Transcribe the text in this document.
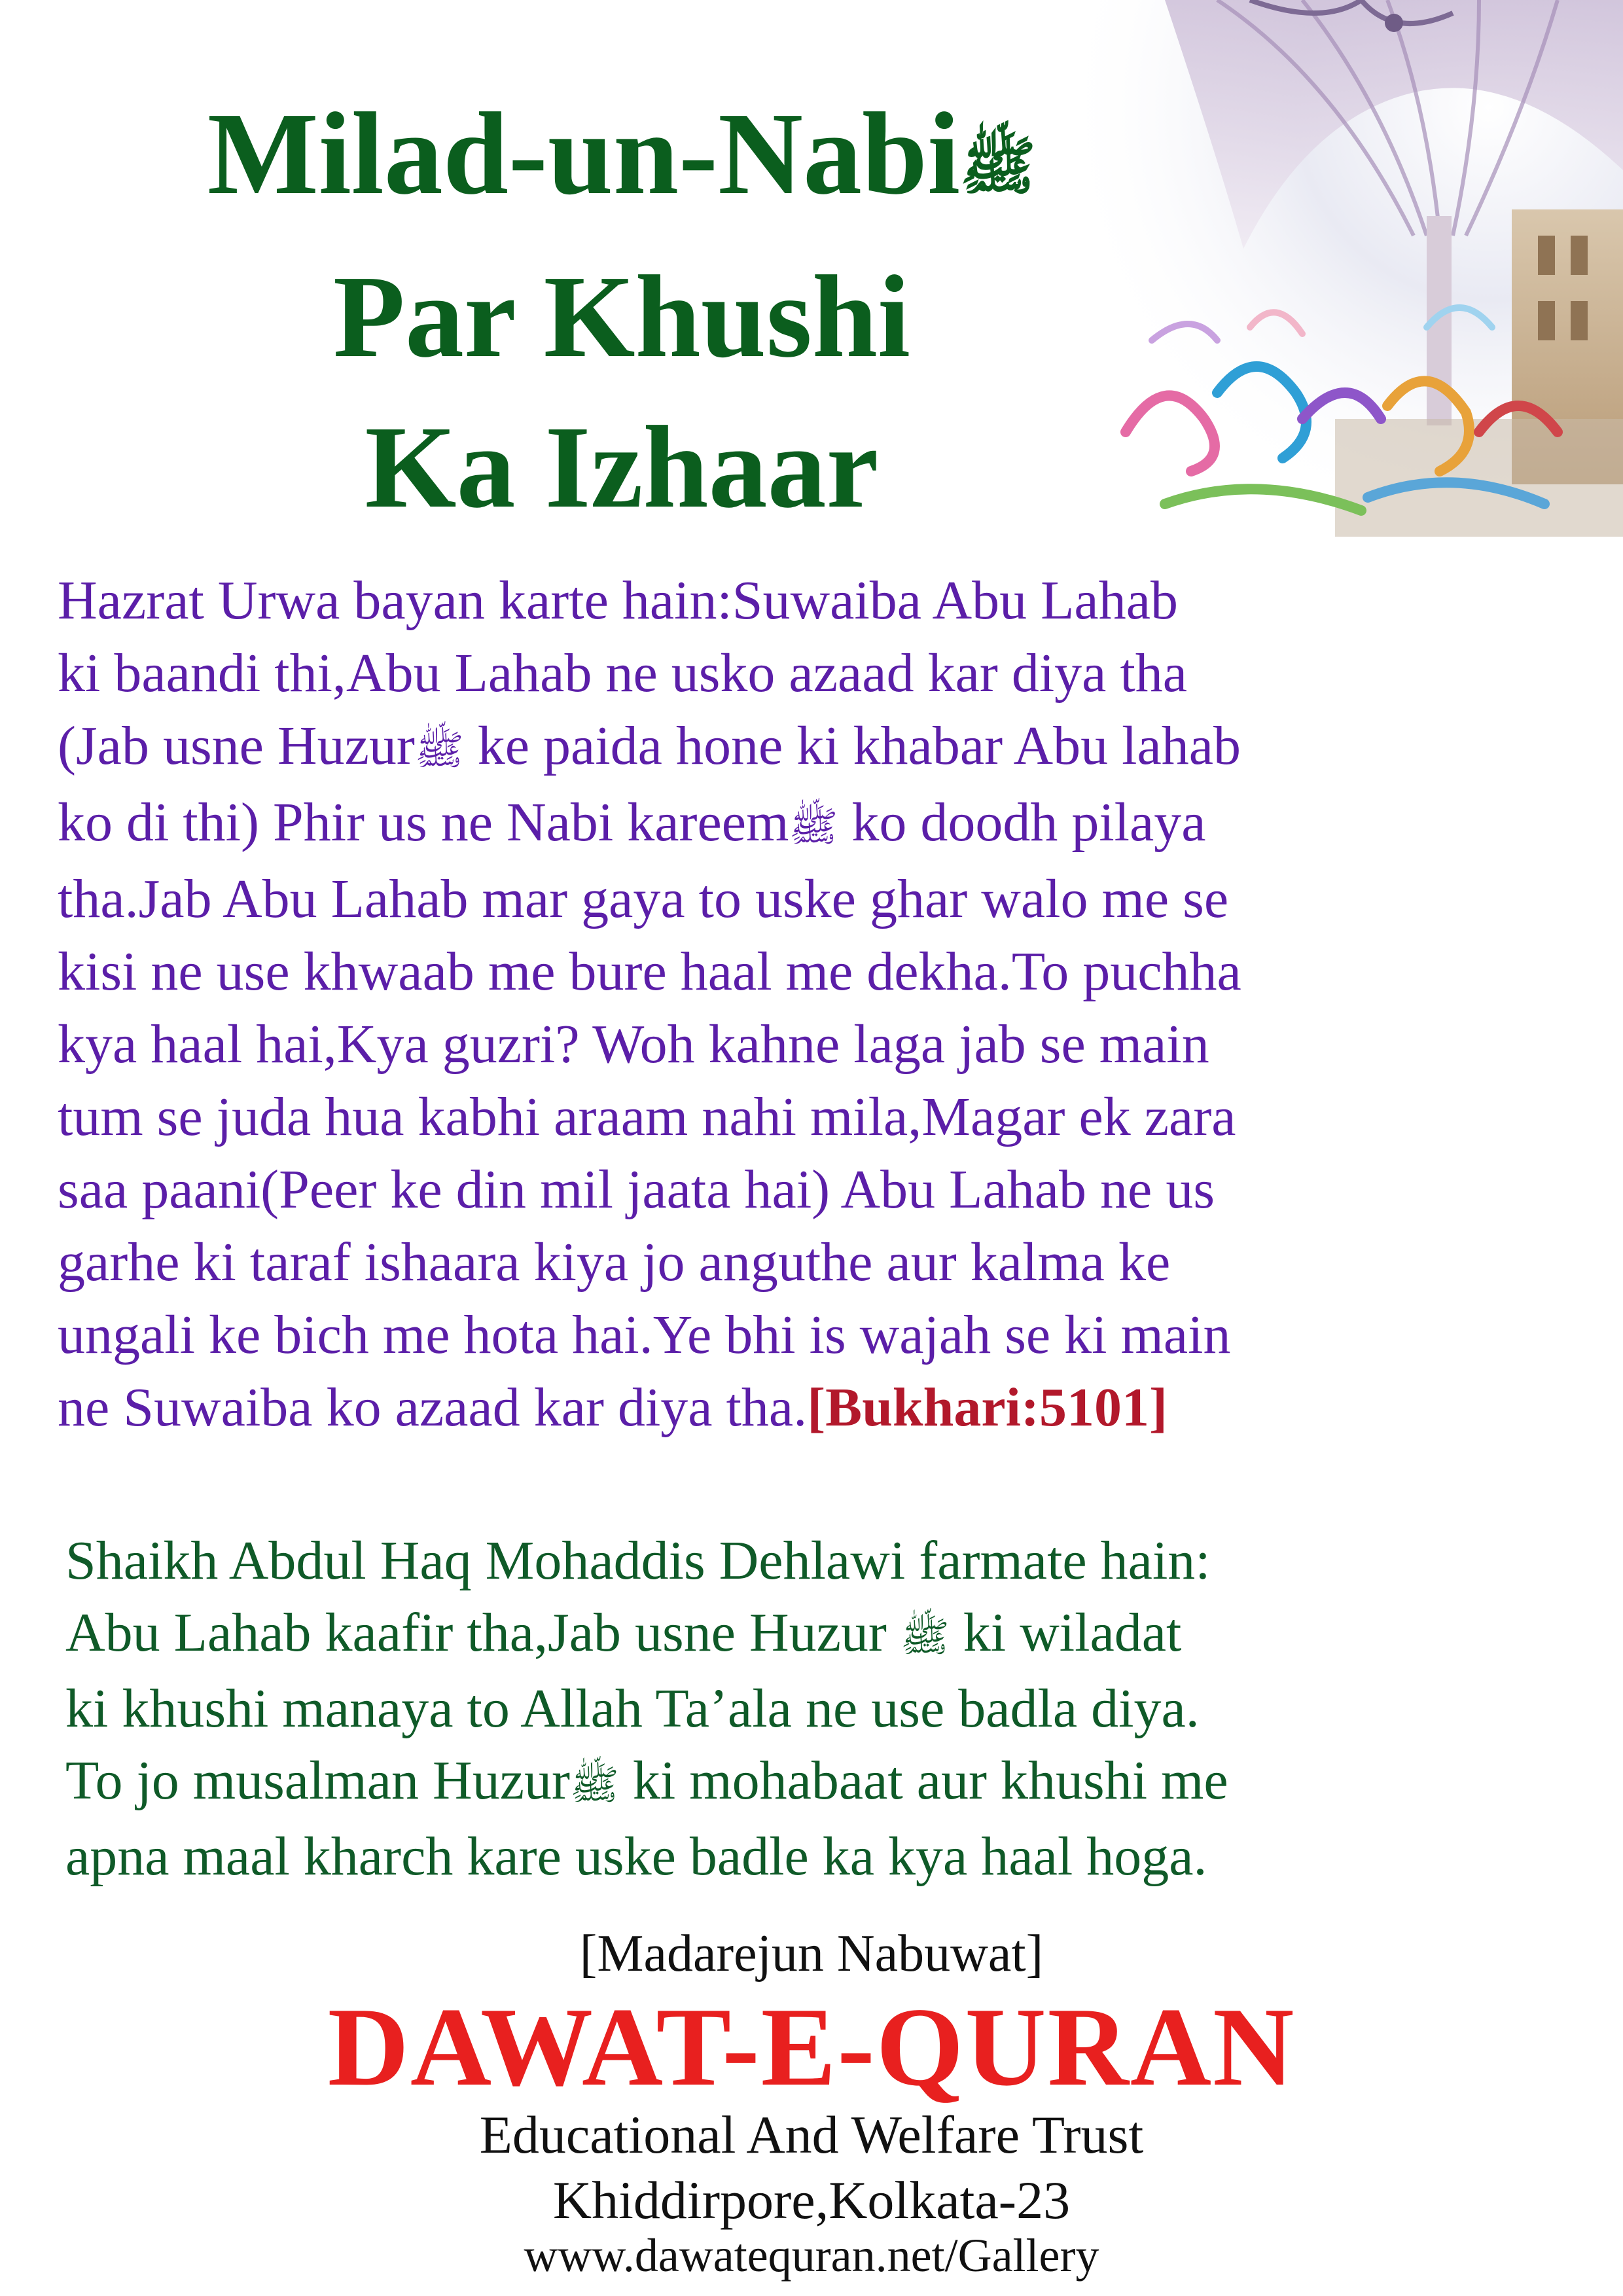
Milad-un-Nabiﷺ
Par Khushi
Ka Izhaar
Hazrat Urwa bayan karte hain:Suwaiba Abu Lahab
ki baandi thi,Abu Lahab ne usko azaad kar diya tha
(Jab usne Huzurﷺ ke paida hone ki khabar Abu lahab
ko di thi) Phir us ne Nabi kareemﷺ ko doodh pilaya
tha.Jab Abu Lahab mar gaya to uske ghar walo me se
kisi ne use khwaab me bure haal me dekha.To puchha
kya haal hai,Kya guzri? Woh kahne laga jab se main
tum se juda hua kabhi araam nahi mila,Magar ek zara
saa paani(Peer ke din mil jaata hai) Abu Lahab ne us
garhe ki taraf ishaara kiya jo anguthe aur kalma ke
ungali ke bich me hota hai.Ye bhi is wajah se ki main
ne Suwaiba ko azaad kar diya tha.[Bukhari:5101]
Shaikh Abdul Haq Mohaddis Dehlawi farmate hain:
Abu Lahab kaafir tha,Jab usne Huzur ﷺ ki wiladat
ki khushi manaya to Allah Ta’ala ne use badla diya.
To jo musalman Huzurﷺ ki mohabaat aur khushi me
apna maal kharch kare uske badle ka kya haal hoga.
[Madarejun Nabuwat]
DAWAT-E-QURAN
Educational And Welfare Trust
Khiddirpore,Kolkata-23
www.dawatequran.net/Gallery
